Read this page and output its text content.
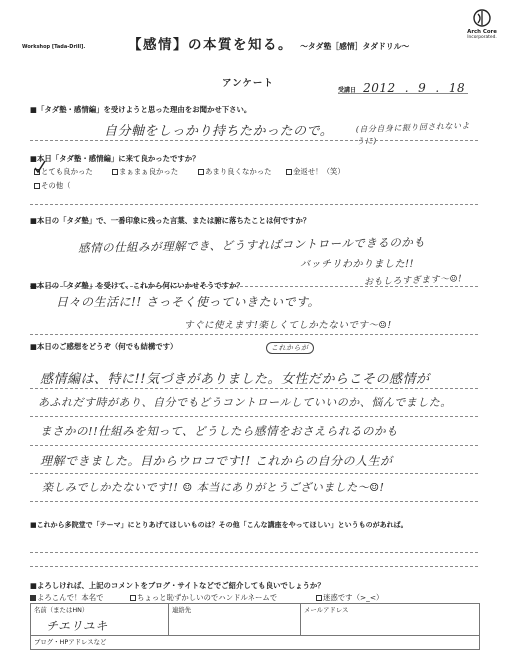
Workshop [Tada-Drill].	【感情】の本質を知る。 〜タダ塾［感情］タダドリル〜
Arch Core
Incorporated.
アンケート
受講日 2012 . 9 . 18
■「タダ塾・感情編」を受けようと思った理由をお聞かせ下さい。
自分軸をしっかり持ちたかったので。	(自分自身に振り回されないように)
■本日「タダ塾・感情編」に来て良かったですか？
とても良かった	まぁまぁ良かった	あまり良くなかった	金返せ！（笑）
その他（
■本日の「タダ塾」で、一番印象に残った言葉、または腑に落ちたことは何ですか？
感情の仕組みが理解でき、どうすればコントロールできるのかも
バッチリわかりました!!
おもしろすぎます〜☺!
■本日の「タダ塾」を受けて、これから何にいかせそうですか？
日々の生活に!! さっそく使っていきたいです。
すぐに使えます!楽しくてしかたないです〜☺!
■本日のご感想をどうぞ（何でも結構です）	これからが
感情編は、特に!!気づきがありました。女性だからこその感情が
あふれだす時があり、自分でもどうコントロールしていいのか、悩んでました。
まさかの!!仕組みを知って、どうしたら感情をおさえられるのかも
理解できました。目からウロコです!! これからの自分の人生が
楽しみでしかたないです!! ☺ 本当にありがとうございました〜☺!
■これから多院堂で「テーマ」にとりあげてほしいものは？その他「こんな講座をやってほしい」というものがあれば。
■よろしければ、上記のコメントをブログ・サイトなどでご紹介しても良いでしょうか？
よろこんで！本名で	ちょっと恥ずかしいのでハンドルネームで	迷惑です（>_<）
名前（またはHN）
チエリユキ

連絡先	メールアドレス

ブログ・HPアドレスなど
